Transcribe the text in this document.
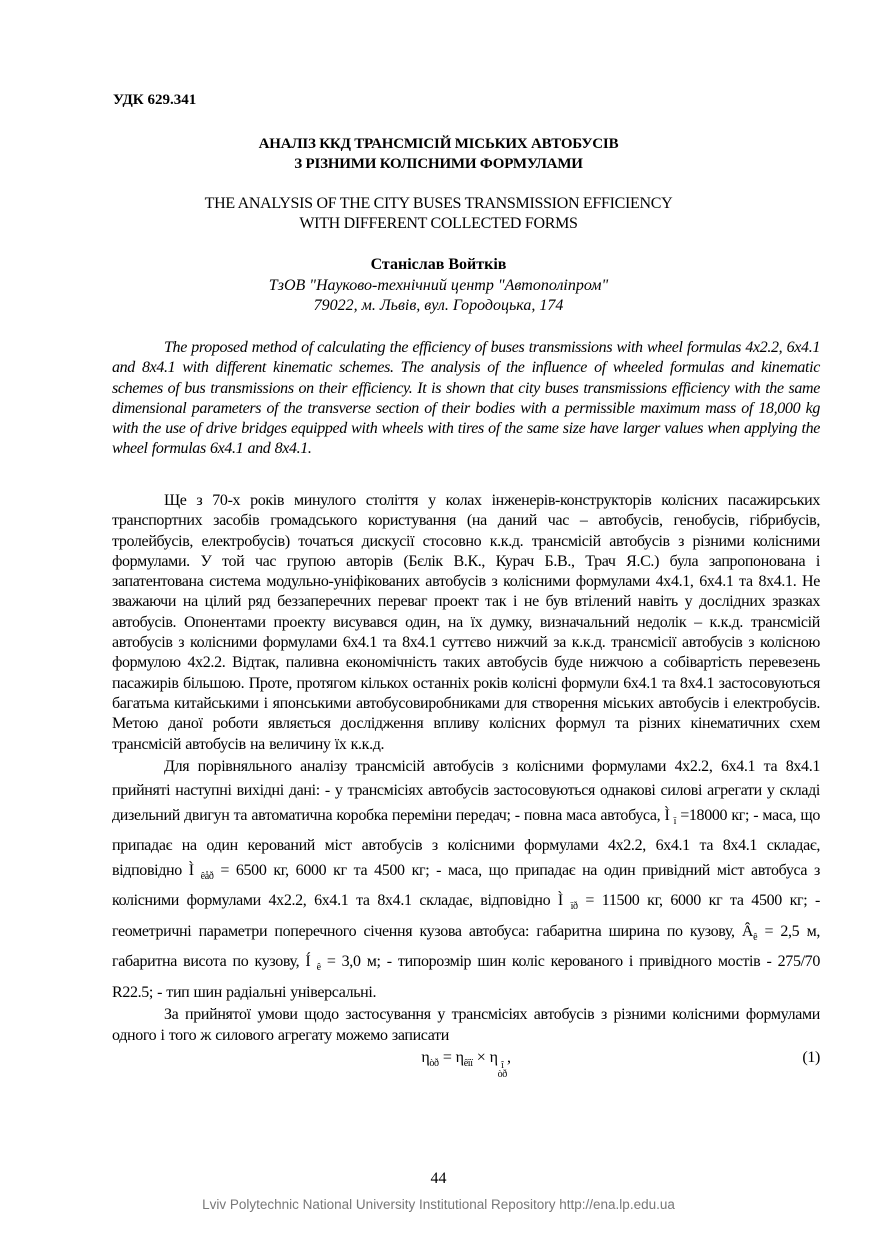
УДК 629.341
АНАЛІЗ ККД ТРАНСМІСІЙ МІСЬКИХ АВТОБУСІВ
З РІЗНИМИ КОЛІСНИМИ ФОРМУЛАМИ
THE ANALYSIS OF THE CITY BUSES TRANSMISSION EFFICIENCY
WITH DIFFERENT COLLECTED FORMS
Станіслав Войтків
ТзОВ "Науково-технічний центр "Автополіпром"
79022, м. Львів, вул. Городоцька, 174

The proposed method of calculating the efficiency of buses transmissions with wheel formulas 4x2.2, 6x4.1 and 8x4.1 with different kinematic schemes. The analysis of the influence of wheeled formulas and kinematic schemes of bus transmissions on their efficiency. It is shown that city buses transmissions efficiency with the same dimensional parameters of the transverse section of their bodies with a permissible maximum mass of 18,000 kg with the use of drive bridges equipped with wheels with tires of the same size have larger values when applying the wheel formulas 6x4.1 and 8x4.1.

Ще з 70-х років минулого століття у колах інженерів-конструкторів колісних пасажирських транспортних засобів громадського користування (на даний час – автобусів, генобусів, гібрибусів, тролейбусів, електробусів) точаться дискусії стосовно к.к.д. трансмісій автобусів з різними колісними формулами. У той час групою авторів (Бєлік В.К., Курач Б.В., Трач Я.С.) була запропонована і запатентована система модульно-уніфікованих автобусів з колісними формулами 4х4.1, 6х4.1 та 8х4.1. Не зважаючи на цілий ряд беззаперечних переваг проект так і не був втілений навіть у дослідних зразках автобусів. Опонентами проекту висувався один, на їх думку, визначальний недолік – к.к.д. трансмісій автобусів з колісними формулами 6х4.1 та 8х4.1 суттєво нижчий за к.к.д. трансмісії автобусів з колісною формулою 4х2.2. Відтак, паливна економічність таких автобусів буде нижчою а собівартість перевезень пасажирів більшою. Проте, протягом кількох останніх років колісні формули 6х4.1 та 8х4.1 застосовуються багатьма китайськими і японськими автобусовиробниками для створення міських автобусів і електробусів. Метою даної роботи являється дослідження впливу колісних формул та різних кінематичних схем трансмісій автобусів на величину їх к.к.д.

Для порівняльного аналізу трансмісій автобусів з колісними формулами 4х2.2, 6х4.1 та 8х4.1 прийняті наступні вихідні дані: - у трансмісіях автобусів застосовуються однакові силові агрегати у складі дизельний двигун та автоматична коробка переміни передач; - повна маса автобуса, Ì $_ï$ =18000 кг; - маса, що припадає на один керований міст автобусів з колісними формулами 4х2.2, 6х4.1 та 8х4.1 складає, відповідно Ì $_{êåð}$ = 6500 кг, 6000 кг та 4500 кг; - маса, що припадає на один привідний міст автобуса з колісними формулами 4х2.2, 6х4.1 та 8х4.1 складає, відповідно Ì $_{ïð}$ = 11500 кг, 6000 кг та 4500 кг; - геометричні параметри поперечного січення кузова автобуса: габаритна ширина по кузову, $Â_ê = 2,5$ м, габаритна висота по кузову, Í $_ê$ = 3,0 м; - типорозмір шин коліс керованого і привідного мостів - 275/70 R22.5; - тип шин радіальні універсальні.

За прийнятої умови щодо застосування у трансмісіях автобусів з різними колісними формулами одного і того ж силового агрегату можемо записати

$\eta_{òð} = \eta_{êïï} \times \eta$ î
òð
,	(1)
44
Lviv Polytechnic National University Institutional Repository http://ena.lp.edu.ua
